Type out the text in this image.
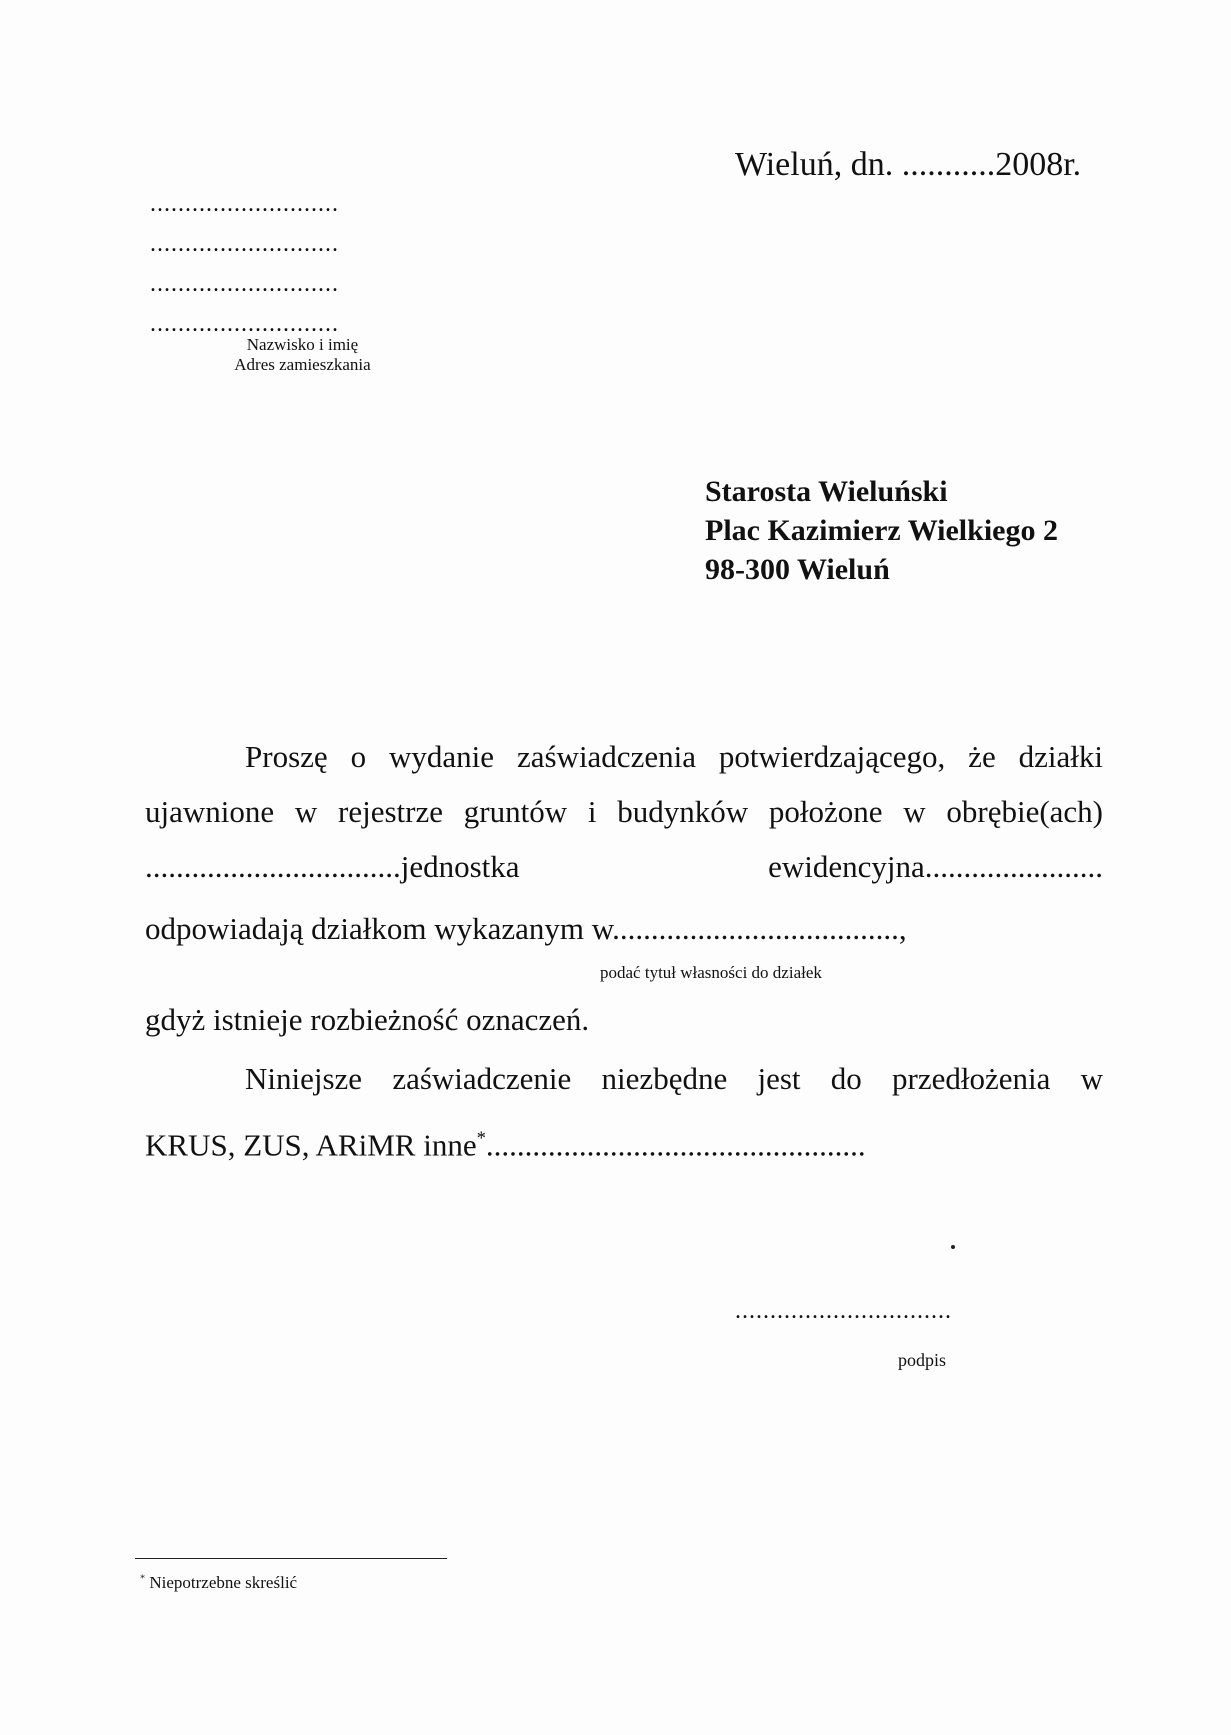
Wieluń, dn. ...........2008r.
...........................
...........................
...........................
...........................
Nazwisko i imię
Adres zamieszkania
Starosta Wieluński
Plac Kazimierz Wielkiego 2
98-300 Wieluń
Proszę o wydanie zaświadczenia potwierdzającego, że działki
ujawnione w rejestrze gruntów i budynków położone w obrębie(ach)
.................................jednostka ewidencyjna.......................
odpowiadają działkom wykazanym w.....................................,
podać tytuł własności do działek
gdyż istnieje rozbieżność oznaczeń.
Niniejsze zaświadczenie niezbędne jest do przedłożenia w
KRUS, ZUS, ARiMR inne*.................................................
...............................
podpis
* Niepotrzebne skreślić
